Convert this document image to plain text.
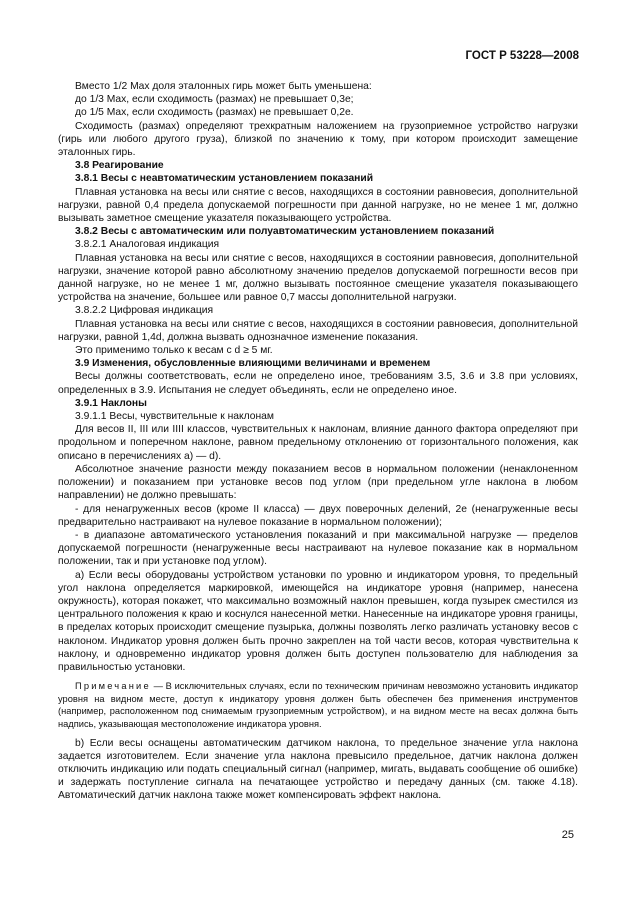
ГОСТ Р 53228—2008

Вместо 1/2 Max доля эталонных гирь может быть уменьшена:

до 1/3 Max, если сходимость (размах) не превышает 0,3e;

до 1/5 Max, если сходимость (размах) не превышает 0,2e.

Сходимость (размах) определяют трехкратным наложением на грузоприемное устройство нагрузки (гирь или любого другого груза), близкой по значению к тому, при котором происходит замещение эталонных гирь.

3.8 Реагирование

3.8.1 Весы с неавтоматическим установлением показаний

Плавная установка на весы или снятие с весов, находящихся в состоянии равновесия, дополнительной нагрузки, равной 0,4 предела допускаемой погрешности при данной нагрузке, но не менее 1 мг, должно вызывать заметное смещение указателя показывающего устройства.

3.8.2 Весы с автоматическим или полуавтоматическим установлением показаний

3.8.2.1 Аналоговая индикация

Плавная установка на весы или снятие с весов, находящихся в состоянии равновесия, дополнительной нагрузки, значение которой равно абсолютному значению пределов допускаемой погрешности весов при данной нагрузке, но не менее 1 мг, должно вызывать постоянное смещение указателя показывающего устройства на значение, большее или равное 0,7 массы дополнительной нагрузки.

3.8.2.2 Цифровая индикация

Плавная установка на весы или снятие с весов, находящихся в состоянии равновесия, дополнительной нагрузки, равной 1,4d, должна вызвать однозначное изменение показания.

Это применимо только к весам с d ≥ 5 мг.

3.9 Изменения, обусловленные влияющими величинами и временем

Весы должны соответствовать, если не определено иное, требованиям 3.5, 3.6 и 3.8 при условиях, определенных в 3.9. Испытания не следует объединять, если не определено иное.

3.9.1 Наклоны

3.9.1.1 Весы, чувствительные к наклонам

Для весов II, III или IIII классов, чувствительных к наклонам, влияние данного фактора определяют при продольном и поперечном наклоне, равном предельному отклонению от горизонтального положения, как описано в перечислениях а) — d).

Абсолютное значение разности между показанием весов в нормальном положении (ненаклоненном положении) и показанием при установке весов под углом (при предельном угле наклона в любом направлении) не должно превышать:

- для ненагруженных весов (кроме II класса) — двух поверочных делений, 2e (ненагруженные весы предварительно настраивают на нулевое показание в нормальном положении);

- в диапазоне автоматического установления показаний и при максимальной нагрузке — пределов допускаемой погрешности (ненагруженные весы настраивают на нулевое показание как в нормальном положении, так и при установке под углом).

a) Если весы оборудованы устройством установки по уровню и индикатором уровня, то предельный угол наклона определяется маркировкой, имеющейся на индикаторе уровня (например, нанесена окружность), которая покажет, что максимально возможный наклон превышен, когда пузырек сместился из центрального положения к краю и коснулся нанесенной метки. Нанесенные на индикаторе уровня границы, в пределах которых происходит смещение пузырька, должны позволять легко различать установку весов с наклоном. Индикатор уровня должен быть прочно закреплен на той части весов, которая чувствительна к наклону, и одновременно индикатор уровня должен быть доступен пользователю для наблюдения за правильностью установки.

Примечание — В исключительных случаях, если по техническим причинам невозможно установить индикатор уровня на видном месте, доступ к индикатору уровня должен быть обеспечен без применения инструментов (например, расположенном под снимаемым грузоприемным устройством), и на видном месте на весах должна быть надпись, указывающая местоположение индикатора уровня.

b) Если весы оснащены автоматическим датчиком наклона, то предельное значение угла наклона задается изготовителем. Если значение угла наклона превысило предельное, датчик наклона должен отключить индикацию или подать специальный сигнал (например, мигать, выдавать сообщение об ошибке) и задержать поступление сигнала на печатающее устройство и передачу данных (см. также 4.18). Автоматический датчик наклона также может компенсировать эффект наклона.

25
